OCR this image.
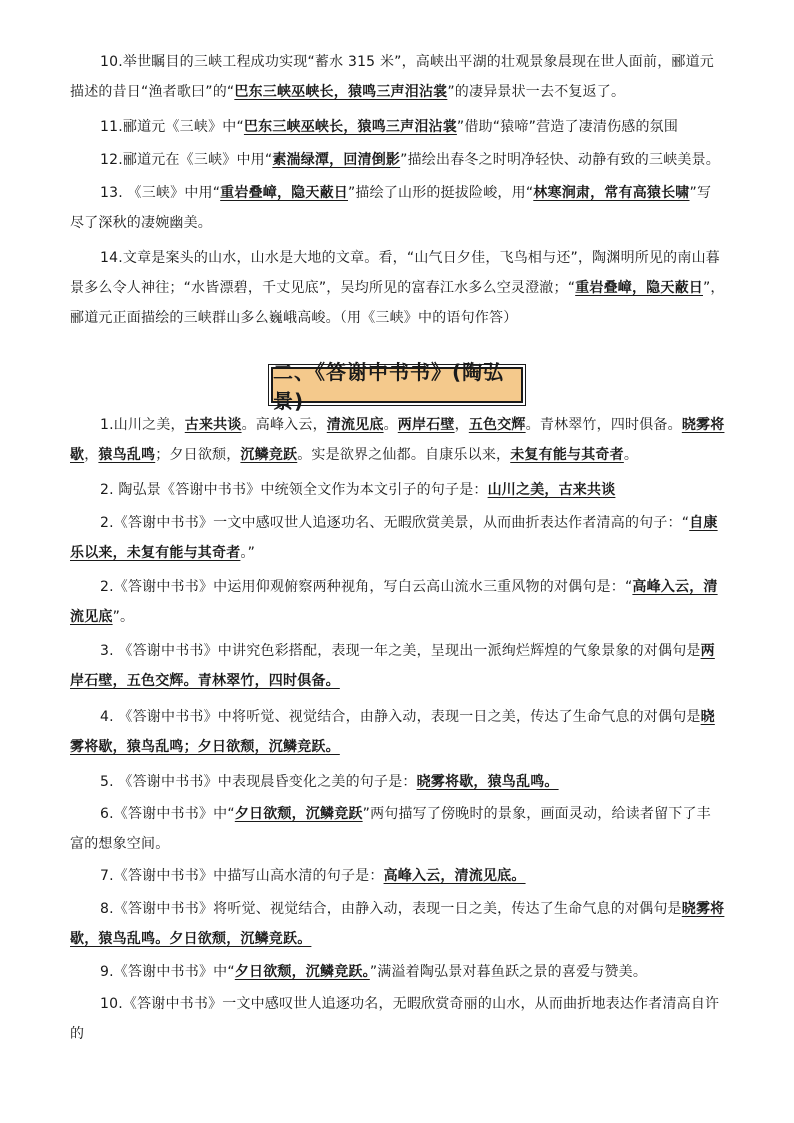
二、《答谢中书书》(陶弘景)
10.举世瞩目的三峡工程成功实现“蓄水 315 米”，高峡出平湖的壮观景象晨现在世人面前，郦道元描述的昔日“渔者歌曰”的“巴东三峡巫峡长，猿鸣三声泪沾裳”的凄异景状一去不复返了。
11.郦道元《三峡》中“巴东三峡巫峡长，猿鸣三声泪沾裳”借助“猿啼”营造了凄清伤感的氛围
12.郦道元在《三峡》中用“素湍绿潭，回清倒影”描绘出春冬之时明净轻快、动静有致的三峡美景。
13. 《三峡》中用“重岩叠嶂，隐天蔽日”描绘了山形的挺拔险峻，用“林寒涧肃，常有高猿长啸”写尽了深秋的凄婉幽美。
14.文章是案头的山水，山水是大地的文章。看，“山气日夕佳，飞鸟相与还”，陶渊明所见的南山暮景多么令人神往；“水皆漂碧，千丈见底”，吴均所见的富春江水多么空灵澄澈；“重岩叠嶂，隐天蔽日”，郦道元正面描绘的三峡群山多么巍峨高峻。（用《三峡》中的语句作答）
1.山川之美，古来共谈。高峰入云，清流见底。两岸石壁，五色交辉。青林翠竹，四时俱备。晓雾将歇，猿鸟乱鸣；夕日欲颓，沉鳞竞跃。实是欲界之仙都。自康乐以来，未复有能与其奇者。
2. 陶弘景《答谢中书书》中统领全文作为本文引子的句子是：山川之美，古来共谈
2.《答谢中书书》一文中感叹世人追逐功名、无暇欣赏美景，从而曲折表达作者清高的句子：“自康乐以来，未复有能与其奇者。”
2.《答谢中书书》中运用仰观俯察两种视角，写白云高山流水三重风物的对偶句是：“高峰入云，清流见底”。
3. 《答谢中书书》中讲究色彩搭配，表现一年之美，呈现出一派绚烂辉煌的气象景象的对偶句是两岸石壁，五色交辉。青林翠竹，四时俱备。
4. 《答谢中书书》中将听觉、视觉结合，由静入动，表现一日之美，传达了生命气息的对偶句是晓雾将歇，猿鸟乱鸣；夕日欲颓，沉鳞竞跃。
5. 《答谢中书书》中表现晨昏变化之美的句子是：晓雾将歇，猿鸟乱鸣。
6.《答谢中书书》中“夕日欲颓，沉鳞竞跃”两句描写了傍晚时的景象，画面灵动，给读者留下了丰富的想象空间。
7.《答谢中书书》中描写山高水清的句子是：高峰入云，清流见底。
8.《答谢中书书》将听觉、视觉结合，由静入动，表现一日之美，传达了生命气息的对偶句是晓雾将歇，猿鸟乱鸣。夕日欲颓，沉鳞竞跃。
9.《答谢中书书》中“夕日欲颓，沉鳞竞跃。”满溢着陶弘景对暮鱼跃之景的喜爱与赞美。
10.《答谢中书书》一文中感叹世人追逐功名，无暇欣赏奇丽的山水，从而曲折地表达作者清高自许的
